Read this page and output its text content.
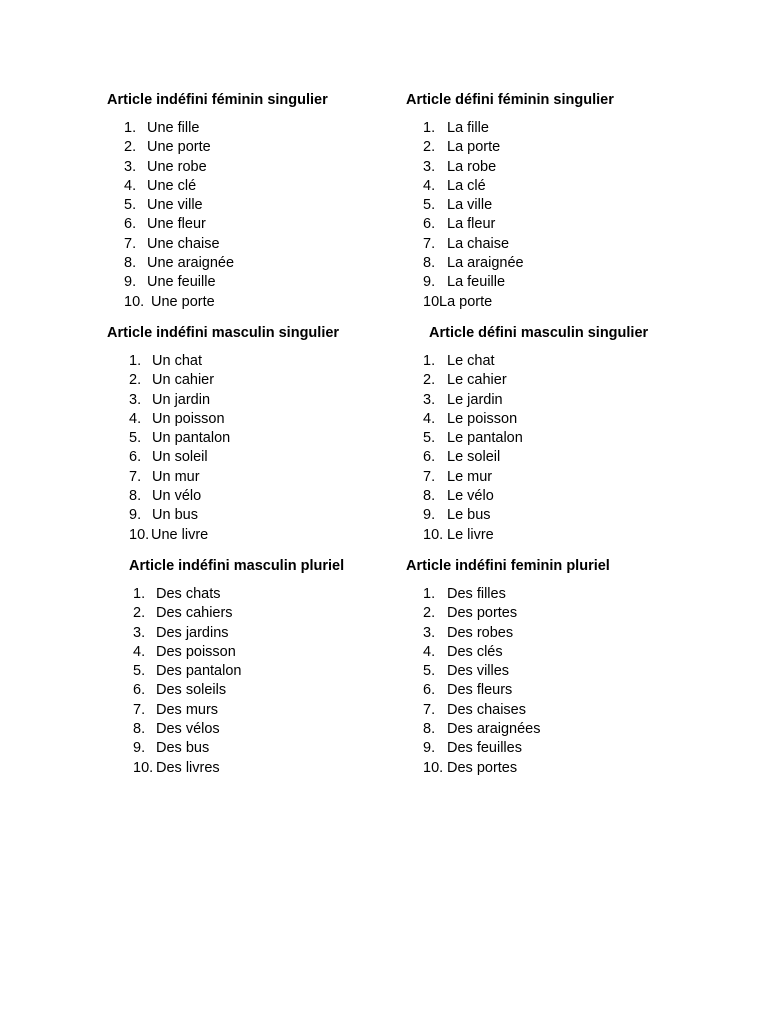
Article indéfini féminin singulier

1. Une fille
2. Une porte
3. Une robe
4. Une clé
5. Une ville
6. Une fleur
7. Une chaise
8. Une araignée
9. Une feuille
10. Une porte

Article défini féminin singulier

1. La fille
2. La porte
3. La robe
4. La clé
5. La ville
6. La fleur
7. La chaise
8. La araignée
9. La feuille
10.
La porte

Article indéfini masculin singulier

1. Un chat
2. Un cahier
3. Un jardin
4. Un poisson
5. Un pantalon
6. Un soleil
7. Un mur
8. Un vélo
9. Un bus
10. Une livre

Article défini masculin singulier

1. Le chat
2. Le cahier
3. Le jardin
4. Le poisson
5. Le pantalon
6. Le soleil
7. Le mur
8. Le vélo
9. Le bus
10. Le livre

Article indéfini masculin pluriel

1. Des chats
2. Des cahiers
3. Des jardins
4. Des poisson
5. Des pantalon
6. Des soleils
7. Des murs
8. Des vélos
9. Des bus
10. Des livres

Article indéfini feminin pluriel

1. Des filles
2. Des portes
3. Des robes
4. Des clés
5. Des villes
6. Des fleurs
7. Des chaises
8. Des araignées
9. Des feuilles
10. Des portes
